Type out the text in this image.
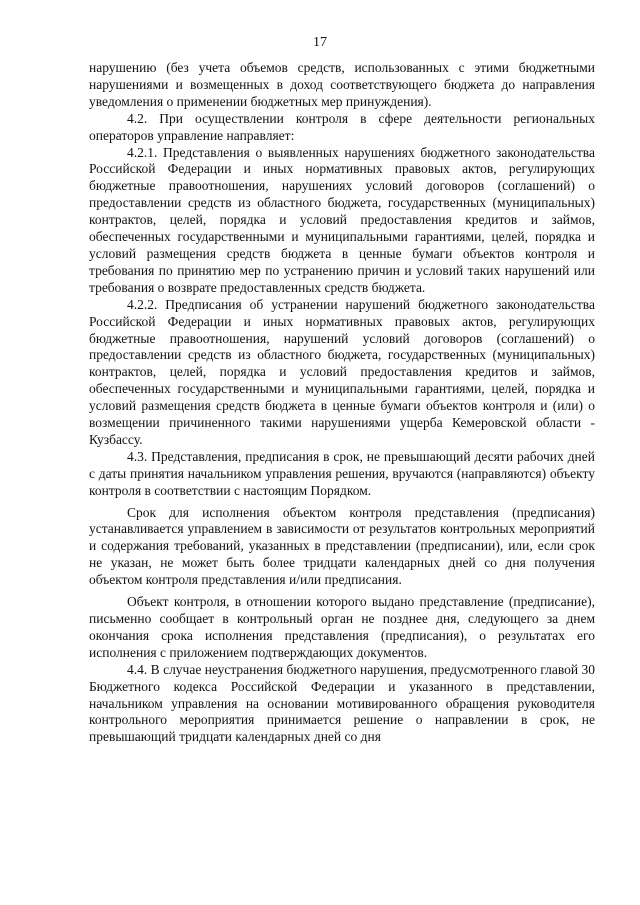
17

нарушению (без учета объемов средств, использованных с этими бюджетными нарушениями и возмещенных в доход соответствующего бюджета до направления уведомления о применении бюджетных мер принуждения).

4.2. При осуществлении контроля в сфере деятельности региональных операторов управление направляет:

4.2.1. Представления о выявленных нарушениях бюджетного законодательства Российской Федерации и иных нормативных правовых актов, регулирующих бюджетные правоотношения, нарушениях условий договоров (соглашений) о предоставлении средств из областного бюджета, государственных (муниципальных) контрактов, целей, порядка и условий предоставления кредитов и займов, обеспеченных государственными и муниципальными гарантиями, целей, порядка и условий размещения средств бюджета в ценные бумаги объектов контроля и требования по принятию мер по устранению причин и условий таких нарушений или требования о возврате предоставленных средств бюджета.

4.2.2. Предписания об устранении нарушений бюджетного законодательства Российской Федерации и иных нормативных правовых актов, регулирующих бюджетные правоотношения, нарушений условий договоров (соглашений) о предоставлении средств из областного бюджета, государственных (муниципальных) контрактов, целей, порядка и условий предоставления кредитов и займов, обеспеченных государственными и муниципальными гарантиями, целей, порядка и условий размещения средств бюджета в ценные бумаги объектов контроля и (или) о возмещении причиненного такими нарушениями ущерба Кемеровской области - Кузбассу.

4.3. Представления, предписания в срок, не превышающий десяти рабочих дней с даты принятия начальником управления решения, вручаются (направляются) объекту контроля в соответствии с настоящим Порядком.

Срок для исполнения объектом контроля представления (предписания) устанавливается управлением в зависимости от результатов контрольных мероприятий и содержания требований, указанных в представлении (предписании), или, если срок не указан, не может быть более тридцати календарных дней со дня получения объектом контроля представления и/или предписания.

Объект контроля, в отношении которого выдано представление (предписание), письменно сообщает в контрольный орган не позднее дня, следующего за днем окончания срока исполнения представления (предписания), о результатах его исполнения с приложением подтверждающих документов.

4.4. В случае неустранения бюджетного нарушения, предусмотренного главой 30 Бюджетного кодекса Российской Федерации и указанного в представлении, начальником управления на основании мотивированного обращения руководителя контрольного мероприятия принимается решение о направлении в срок, не превышающий тридцати календарных дней со дня
